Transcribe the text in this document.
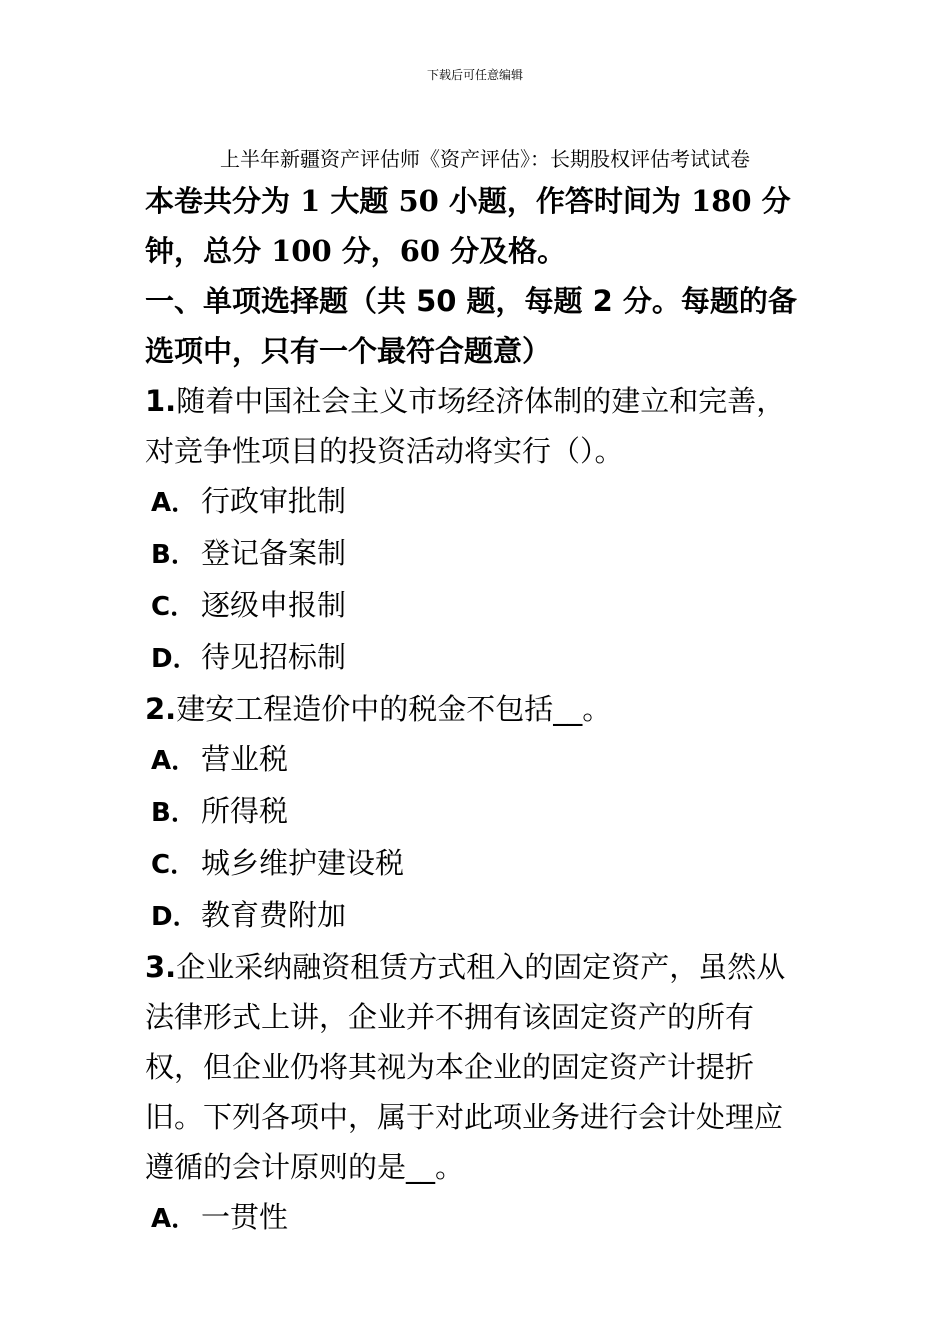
下载后可任意编辑
上半年新疆资产评估师《资产评估》：长期股权评估考试试卷

本卷共分为 1 大题 50 小题，作答时间为 180 分钟，总分 100 分，60 分及格。

一、单项选择题（共 50 题，每题 2 分。每题的备选项中，只有一个最符合题意）

1.随着中国社会主义市场经济体制的建立和完善，对竞争性项目的投资活动将实行（）。

A． 行政审批制

B． 登记备案制

C． 逐级申报制

D．待见招标制

2.建安工程造价中的税金不包括__。

A． 营业税

B． 所得税

C． 城乡维护建设税

D．教育费附加

3.企业采纳融资租赁方式租入的固定资产，虽然从法律形式上讲，企业并不拥有该固定资产的所有权，但企业仍将其视为本企业的固定资产计提折旧。下列各项中，属于对此项业务进行会计处理应遵循的会计原则的是__。

A． 一贯性
